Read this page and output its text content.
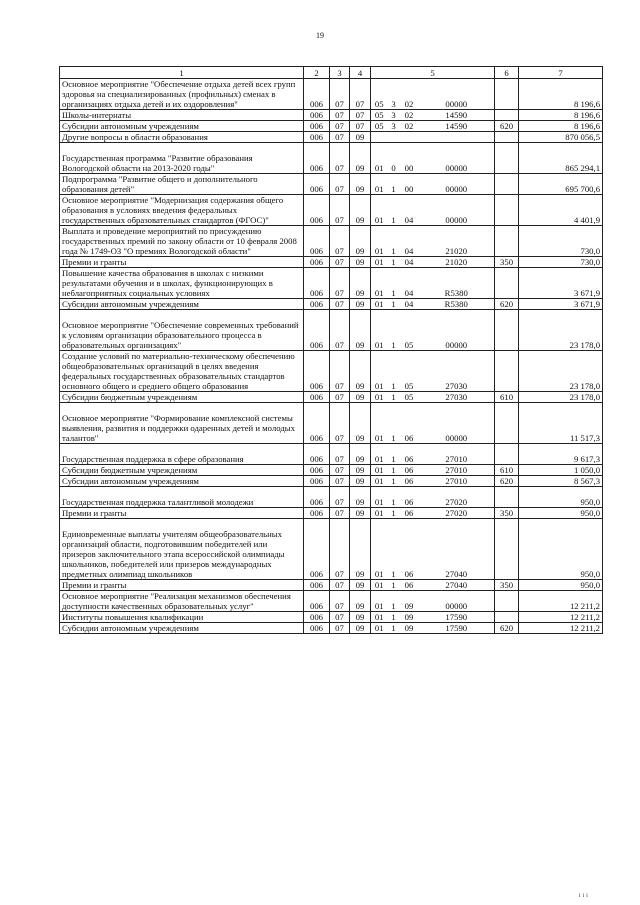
19
1	2	3	4	5				6	7
Основное мероприятие "Обеспечение отдыха детей всех групп здоровья на специализированных (профильных) сменах в организациях отдыха детей и их оздоровления"	006	07	07	05	3	02	00000		8 196,6
Школы-интернаты	006	07	07	05	3	02	14590		8 196,6
Субсидии автономным учреждениям	006	07	07	05	3	02	14590	620	8 196,6
Другие вопросы в области образования	006	07	09						870 056,5

Государственная программа "Развитие образования Вологодской области на 2013-2020 годы"	006	07	09	01	0	00	00000		865 294,1
Подпрограмма "Развитие общего и дополнительного образования детей"	006	07	09	01	1	00	00000		695 700,6
Основное мероприятие "Модернизация содержания общего образования в условиях введения федеральных государственных образовательных стандартов (ФГОС)"	006	07	09	01	1	04	00000		4 401,9
Выплата и проведение мероприятий по присуждению государственных премий по закону области от 10 февраля 2008 года № 1749-ОЗ "О премиях Вологодской области"	006	07	09	01	1	04	21020		730,0
Премии и гранты	006	07	09	01	1	04	21020	350	730,0
Повышение качества образования в школах с низкими результатами обучения и в школах, функционирующих в неблагоприятных социальных условиях	006	07	09	01	1	04	R5380		3 671,9
Субсидии автономным учреждениям	006	07	09	01	1	04	R5380	620	3 671,9

Основное мероприятие "Обеспечение современных требований к условиям организации образовательного процесса в образовательных организациях"	006	07	09	01	1	05	00000		23 178,0
Создание условий по материально-техническому обеспечению общеобразовательных организаций в целях введения федеральных государственных образовательных стандартов основного общего и среднего общего образования	006	07	09	01	1	05	27030		23 178,0
Субсидии бюджетным учреждениям	006	07	09	01	1	05	27030	610	23 178,0

Основное мероприятие "Формирование комплексной системы выявления, развития и поддержки одаренных детей и молодых талантов"	006	07	09	01	1	06	00000		11 517,3

Государственная поддержка в сфере образования	006	07	09	01	1	06	27010		9 617,3
Субсидии бюджетным учреждениям	006	07	09	01	1	06	27010	610	1 050,0
Субсидии автономным учреждениям	006	07	09	01	1	06	27010	620	8 567,3

Государственная поддержка талантливой молодежи	006	07	09	01	1	06	27020		950,0
Премии и гранты	006	07	09	01	1	06	27020	350	950,0

Единовременные выплаты учителям общеобразовательных организаций области, подготовившим победителей или призеров заключительного этапа всероссийской олимпиады школьников, победителей или призеров международных предметных олимпиад школьников	006	07	09	01	1	06	27040		950,0
Премии и гранты	006	07	09	01	1	06	27040	350	950,0
Основное мероприятие "Реализация механизмов обеспечения доступности качественных образовательных услуг"	006	07	09	01	1	09	00000		12 211,2
Институты повышения квалификации	006	07	09	01	1	09	17590		12 211,2
Субсидии автономным учреждениям	006	07	09	01	1	09	17590	620	12 211,2
ı ı ı
